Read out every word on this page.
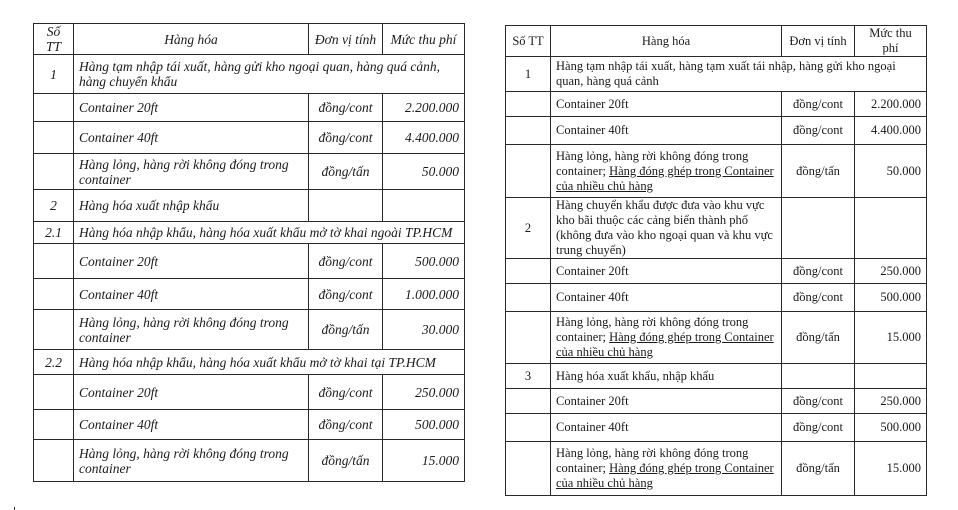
Số TT	Hàng hóa	Đơn vị tính	Mức thu phí
1	Hàng tạm nhập tái xuất, hàng gửi kho ngoại quan, hàng quá cảnh, hàng chuyển khẩu		
	Container 20ft	đồng/cont	2.200.000
	Container 40ft	đồng/cont	4.400.000
	Hàng lỏng, hàng rời không đóng trong container	đồng/tấn	50.000
2	Hàng hóa xuất nhập khẩu		
2.1	Hàng hóa nhập khẩu, hàng hóa xuất khẩu mở tờ khai ngoài TP.HCM		
	Container 20ft	đồng/cont	500.000
	Container 40ft	đồng/cont	1.000.000
	Hàng lỏng, hàng rời không đóng trong container	đồng/tấn	30.000
2.2	Hàng hóa nhập khẩu, hàng hóa xuất khẩu mở tờ khai tại TP.HCM		
	Container 20ft	đồng/cont	250.000
	Container 40ft	đồng/cont	500.000
	Hàng lỏng, hàng rời không đóng trong container	đồng/tấn	15.000
Số TT	Hàng hóa	Đơn vị tính	Mức thu phí
1	Hàng tạm nhập tái xuất, hàng tạm xuất tái nhập, hàng gửi kho ngoại quan, hàng quá cảnh		
	Container 20ft	đồng/cont	2.200.000
	Container 40ft	đồng/cont	4.400.000
	Hàng lỏng, hàng rời không đóng trong container; Hàng đóng ghép trong Container của nhiều chủ hàng	đồng/tấn	50.000
2	Hàng chuyển khẩu được đưa vào khu vực kho bãi thuộc các cảng biển thành phố (không đưa vào kho ngoại quan và khu vực trung chuyển)		
	Container 20ft	đồng/cont	250.000
	Container 40ft	đồng/cont	500.000
	Hàng lỏng, hàng rời không đóng trong container; Hàng đóng ghép trong Container của nhiều chủ hàng	đồng/tấn	15.000
3	Hàng hóa xuất khẩu, nhập khẩu		
	Container 20ft	đồng/cont	250.000
	Container 40ft	đồng/cont	500.000
	Hàng lỏng, hàng rời không đóng trong container; Hàng đóng ghép trong Container của nhiều chủ hàng	đồng/tấn	15.000
